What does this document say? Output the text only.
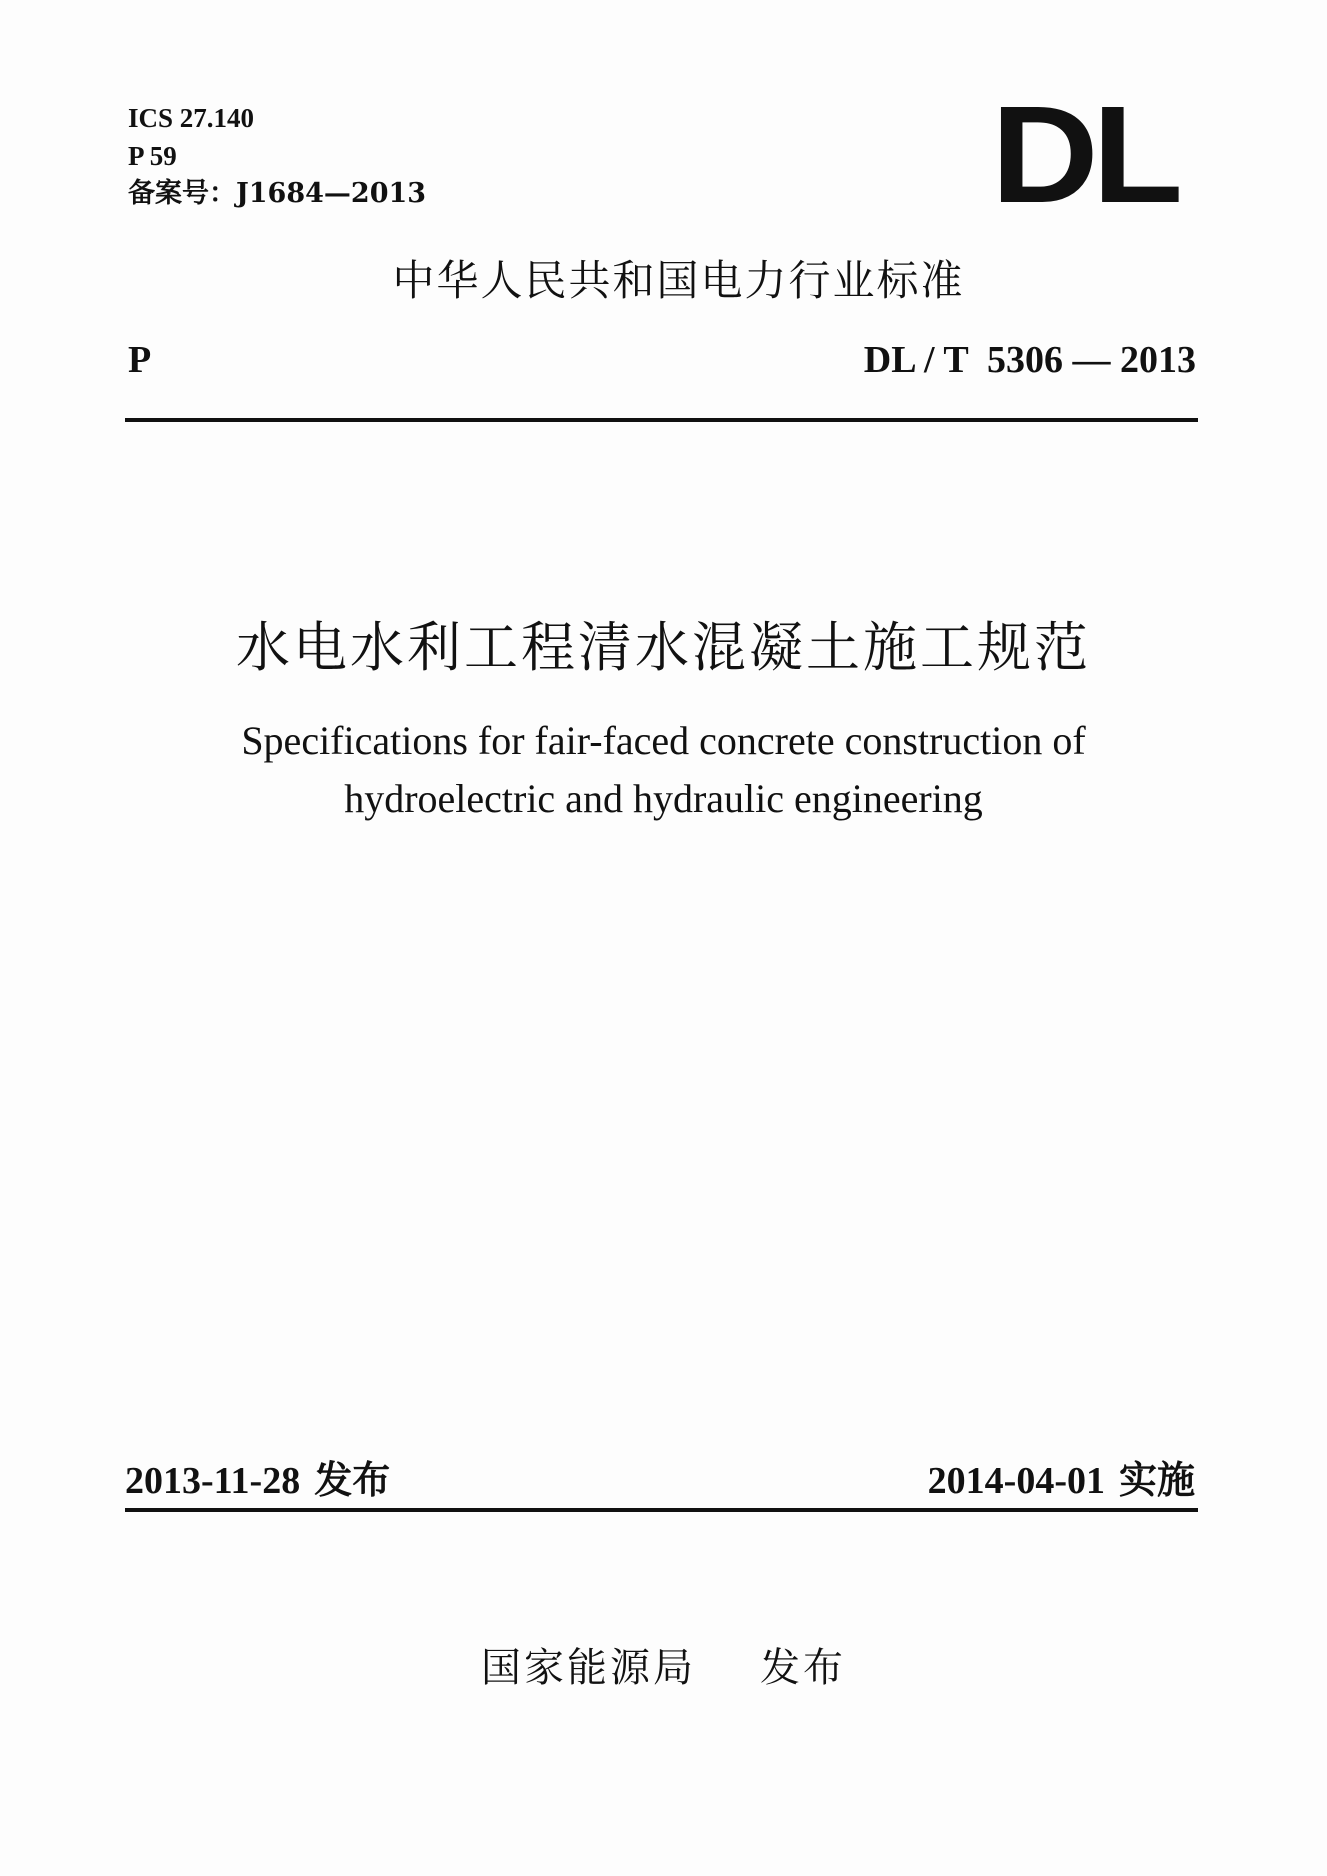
ICS 27.140
P 59
备案号：J1684—2013	DL
中华人民共和国电力行业标准
P	DL / T  5306 — 2013
水电水利工程清水混凝土施工规范
Specifications for fair-faced concrete construction of
hydroelectric and hydraulic engineering
2013-11-28 发布	2014-04-01 实施
国家能源局 发布
